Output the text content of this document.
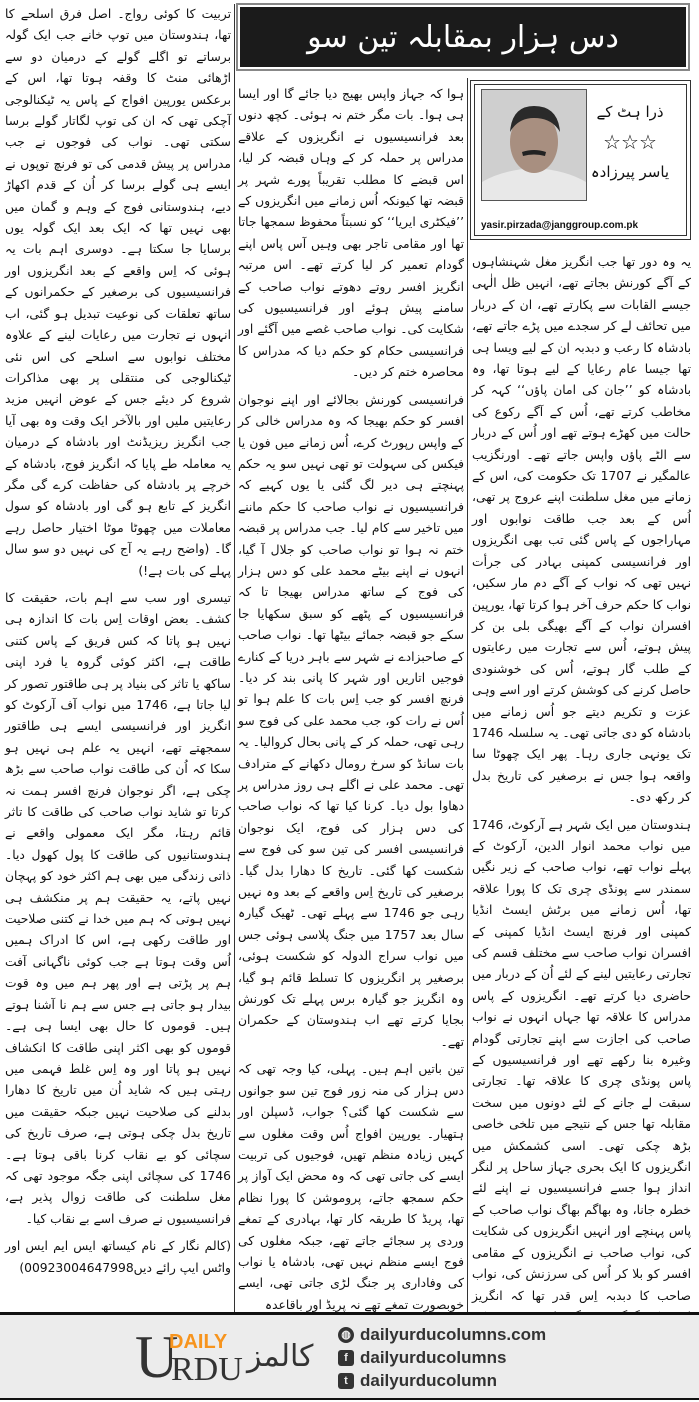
دس ہزار بمقابلہ تین سو
ذرا ہٹ کے
☆☆☆
یاسر پیرزادہ
yasir.pirzada@janggroup.com.pk

یہ وہ دور تھا جب انگریز مغل شہنشاہوں کے آگے کورنش بجاتے تھے، انہیں ظل الٰہی جیسے القابات سے پکارتے تھے، ان کے دربار میں تحائف لے کر سجدے میں پڑے جاتے تھے، بادشاہ کا رعب و دبدبہ ان کے لیے ویسا ہی تھا جیسا عام رعایا کے لیے ہوتا تھا، وہ بادشاہ کو ’’جان کی امان پاؤں‘‘ کہہ کر مخاطب کرتے تھے، اُس کے آگے رکوع کی حالت میں کھڑے ہوتے تھے اور اُس کے دربار سے الٹے پاؤں واپس جاتے تھے۔ اورنگزیب عالمگیر نے 1707 تک حکومت کی، اس کے زمانے میں مغل سلطنت اپنے عروج پر تھی، اُس کے بعد جب طاقت نوابوں اور مہاراجوں کے پاس گئی تب بھی انگریزوں اور فرانسیسی کمپنی بہادر کی جرأت نہیں تھی کہ نواب کے آگے دم مار سکیں، نواب کا حکم حرف آخر ہوا کرتا تھا، یورپین افسران نواب کے آگے بھیگی بلی بن کر پیش ہوتے، اُس سے تجارت میں رعایتوں کے طلب گار ہوتے، اُس کی خوشنودی حاصل کرنے کی کوشش کرتے اور اسے وہی عزت و تکریم دیتے جو اُس زمانے میں بادشاہ کو دی جاتی تھی۔ یہ سلسلہ 1746 تک یونہی جاری رہا۔ پھر ایک چھوٹا سا واقعہ ہوا جس نے برصغیر کی تاریخ بدل کر رکھ دی۔

ہندوستان میں ایک شہر ہے آرکوٹ، 1746 میں نواب محمد انوار الدین، آرکوٹ کے پہلے نواب تھے، نواب صاحب کے زیر نگیں سمندر سے پونڈی چری تک کا پورا علاقہ تھا، اُس زمانے میں برٹش ایسٹ انڈیا کمپنی اور فرنچ ایسٹ انڈیا کمپنی کے افسران نواب صاحب سے مختلف قسم کی تجارتی رعایتیں لینے کے لئے اُن کے دربار میں حاضری دیا کرتے تھے۔ انگریزوں کے پاس مدراس کا علاقہ تھا جہاں انہوں نے نواب صاحب کی اجازت سے اپنے تجارتی گودام وغیرہ بنا رکھے تھے اور فرانسیسیوں کے پاس پونڈی چری کا علاقہ تھا۔ تجارتی سبقت لے جانے کے لئے دونوں میں سخت مقابلہ تھا جس کے نتیجے میں تلخی خاصی بڑھ چکی تھی۔ اسی کشمکش میں انگریزوں کا ایک بحری جہاز ساحل پر لنگر انداز ہوا جسے فرانسیسیوں نے اپنے لئے خطرہ جانا، وہ بھاگم بھاگ نواب صاحب کے پاس پہنچے اور انہیں انگریزوں کی شکایت کی، نواب صاحب نے انگریزوں کے مقامی افسر کو بلا کر اُس کی سرزنش کی، نواب صاحب کا دبدبہ اِس قدر تھا کہ انگریز

ہوا کہ جہاز واپس بھیج دیا جائے گا اور ایسا ہی ہوا۔ بات مگر ختم نہ ہوئی۔ کچھ دنوں بعد فرانسیسیوں نے انگریزوں کے علاقے مدراس پر حملہ کر کے وہاں قبضہ کر لیا، اس قبضے کا مطلب تقریباً پورے شہر پر قبضہ تھا کیونکہ اُس زمانے میں انگریزوں کے ’’فیکٹری ایریا‘‘ کو نسبتاً محفوظ سمجھا جاتا تھا اور مقامی تاجر بھی وہیں آس پاس اپنے گودام تعمیر کر لیا کرتے تھے۔ اس مرتبہ انگریز افسر روتے دھوتے نواب صاحب کے سامنے پیش ہوئے اور فرانسیسیوں کی شکایت کی۔ نواب صاحب غصے میں آگئے اور فرانسیسی حکام کو حکم دیا کہ مدراس کا محاصرہ ختم کر دیں۔

فرانسیسی کورنش بجالائے اور اپنے نوجوان افسر کو حکم بھیجا کہ وہ مدراس خالی کر کے واپس رپورٹ کرے، اُس زمانے میں فون یا فیکس کی سہولت تو تھی نہیں سو یہ حکم پہنچتے ہی دیر لگ گئی یا یوں کہیے کہ فرانسیسیوں نے نواب صاحب کا حکم ماننے میں تاخیر سے کام لیا۔ جب مدراس پر قبضہ ختم نہ ہوا تو نواب صاحب کو جلال آ گیا، انہوں نے اپنے بیٹے محمد علی کو دس ہزار کی فوج کے ساتھ مدراس بھیجا تا کہ فرانسیسیوں کے پٹھے کو سبق سکھایا جا سکے جو قبضہ جمائے بیٹھا تھا۔ نواب صاحب کے صاحبزادے نے شہر سے باہر دریا کے کنارے فوجیں اتاریں اور شہر کا پانی بند کر دیا۔ فرنچ افسر کو جب اِس بات کا علم ہوا تو اُس نے رات کو، جب محمد علی کی فوج سو رہی تھی، حملہ کر کے پانی بحال کروالیا۔ یہ بات سانڈ کو سرخ رومال دکھانے کے مترادف تھی۔ محمد علی نے اگلے ہی روز مدراس پر دھاوا بول دیا۔ کرنا کیا تھا کہ نواب صاحب کی دس ہزار کی فوج، ایک نوجوان فرانسیسی افسر کی تین سو کی فوج سے شکست کھا گئی۔ تاریخ کا دھارا بدل گیا۔ برصغیر کی تاریخ اِس واقعے کے بعد وہ نہیں رہی جو 1746 سے پہلے تھی۔ ٹھیک گیارہ سال بعد 1757 میں جنگ پلاسی ہوئی جس میں نواب سراج الدولہ کو شکست ہوئی، برصغیر پر انگریزوں کا تسلط قائم ہو گیا، وہ انگریز جو گیارہ برس پہلے تک کورنش بجایا کرتے تھے اب ہندوستان کے حکمران تھے۔

تین باتیں اہم ہیں۔ پہلی، کیا وجہ تھی کہ دس ہزار کی منہ زور فوج تین سو جوانوں سے شکست کھا گئی؟ جواب، ڈسپلن اور ہتھیار۔ یورپین افواج اُس وقت مغلوں سے کہیں زیادہ منظم تھیں، فوجیوں کی تربیت ایسے کی جاتی تھی کہ وہ محض ایک آواز پر حکم سمجھ جاتے، پروموشن کا پورا نظام تھا، پریڈ کا طریقہ کار تھا، بہادری کے تمغے وردی پر سجائے جاتے تھے، جبکہ مغلوں کی فوج ایسے منظم نہیں تھی، بادشاہ یا نواب کی وفاداری پر جنگ لڑی جاتی تھی، ایسے خوبصورت تمغے تھے نہ پریڈ اور باقاعدہ

تربیت کا کوئی رواج۔ اصل فرق اسلحے کا تھا، ہندوستان میں توپ خانے جب ایک گولہ برساتے تو اگلے گولے کے درمیان دو سے اڑھائی منٹ کا وقفہ ہوتا تھا، اس کے برعکس یورپین افواج کے پاس یہ ٹیکنالوجی آچکی تھی کہ ان کی توپ لگاتار گولے برسا سکتی تھی۔ نواب کی فوجوں نے جب مدراس پر پیش قدمی کی تو فرنچ توپوں نے ایسے ہی گولے برسا کر اُن کے قدم اکھاڑ دیے، ہندوستانی فوج کے وہم و گمان میں بھی نہیں تھا کہ ایک بعد ایک گولہ یوں برسایا جا سکتا ہے۔ دوسری اہم بات یہ ہوئی کہ اِس واقعے کے بعد انگریزوں اور فرانسیسیوں کی برصغیر کے حکمرانوں کے ساتھ تعلقات کی نوعیت تبدیل ہو گئی، اب انہوں نے تجارت میں رعایات لینے کے علاوہ مختلف نوابوں سے اسلحے کی اس نئی ٹیکنالوجی کی منتقلی پر بھی مذاکرات شروع کر دیئے جس کے عوض انہیں مزید رعایتیں ملیں اور بالآخر ایک وقت وہ بھی آیا جب انگریز ریزیڈنٹ اور بادشاہ کے درمیان یہ معاملہ طے پایا کہ انگریز فوج، بادشاہ کے خرچے پر بادشاہ کی حفاظت کرے گی مگر انگریز کے تابع ہو گی اور بادشاہ کو سول معاملات میں چھوٹا موٹا اختیار حاصل رہے گا۔ (واضح رہے یہ آج کی نہیں دو سو سال پہلے کی بات ہے!)

تیسری اور سب سے اہم بات، حقیقت کا کشف۔ بعض اوقات اِس بات کا اندازہ ہی نہیں ہو پاتا کہ کس فریق کے پاس کتنی طاقت ہے، اکثر کوئی گروہ یا فرد اپنی ساکھ یا تاثر کی بنیاد پر ہی طاقتور تصور کر لیا جاتا ہے، 1746 میں نواب آف آرکوٹ کو انگریز اور فرانسیسی ایسے ہی طاقتور سمجھتے تھے، انہیں یہ علم ہی نہیں ہو سکا کہ اُن کی طاقت نواب صاحب سے بڑھ چکی ہے، اگر نوجوان فرنچ افسر ہمت نہ کرتا تو شاید نواب صاحب کی طاقت کا تاثر قائم رہتا، مگر ایک معمولی واقعے نے ہندوستانیوں کی طاقت کا پول کھول دیا۔ ذاتی زندگی میں بھی ہم اکثر خود کو پہچان نہیں پاتے، یہ حقیقت ہم پر منکشف ہی نہیں ہوتی کہ ہم میں خدا نے کتنی صلاحیت اور طاقت رکھی ہے، اس کا ادراک ہمیں اُس وقت ہوتا ہے جب کوئی ناگہانی آفت ہم پر پڑتی ہے اور پھر ہم میں وہ قوت بیدار ہو جاتی ہے جس سے ہم نا آشنا ہوتے ہیں۔ قوموں کا حال بھی ایسا ہی ہے۔ قوموں کو بھی اکثر اپنی طاقت کا انکشاف نہیں ہو پاتا اور وہ اِس غلط فہمی میں رہتی ہیں کہ شاید اُن میں تاریخ کا دھارا بدلنے کی صلاحیت نہیں جبکہ حقیقت میں تاریخ بدل چکی ہوتی ہے، صرف تاریخ کی سچائی کو بے نقاب کرنا باقی ہوتا ہے۔ 1746 کی سچائی اپنی جگہ موجود تھی کہ مغل سلطنت کی طاقت زوال پذیر ہے، فرانسیسیوں نے صرف اسے بے نقاب کیا۔

(کالم نگار کے نام کیساتھ ایس ایم ایس اور واٹس ایپ رائے دیں00923004647998)

U
DAILY
RDU کالمز
◍ dailyurducolumns.com
f dailyurducolumns
t dailyurducolumn
